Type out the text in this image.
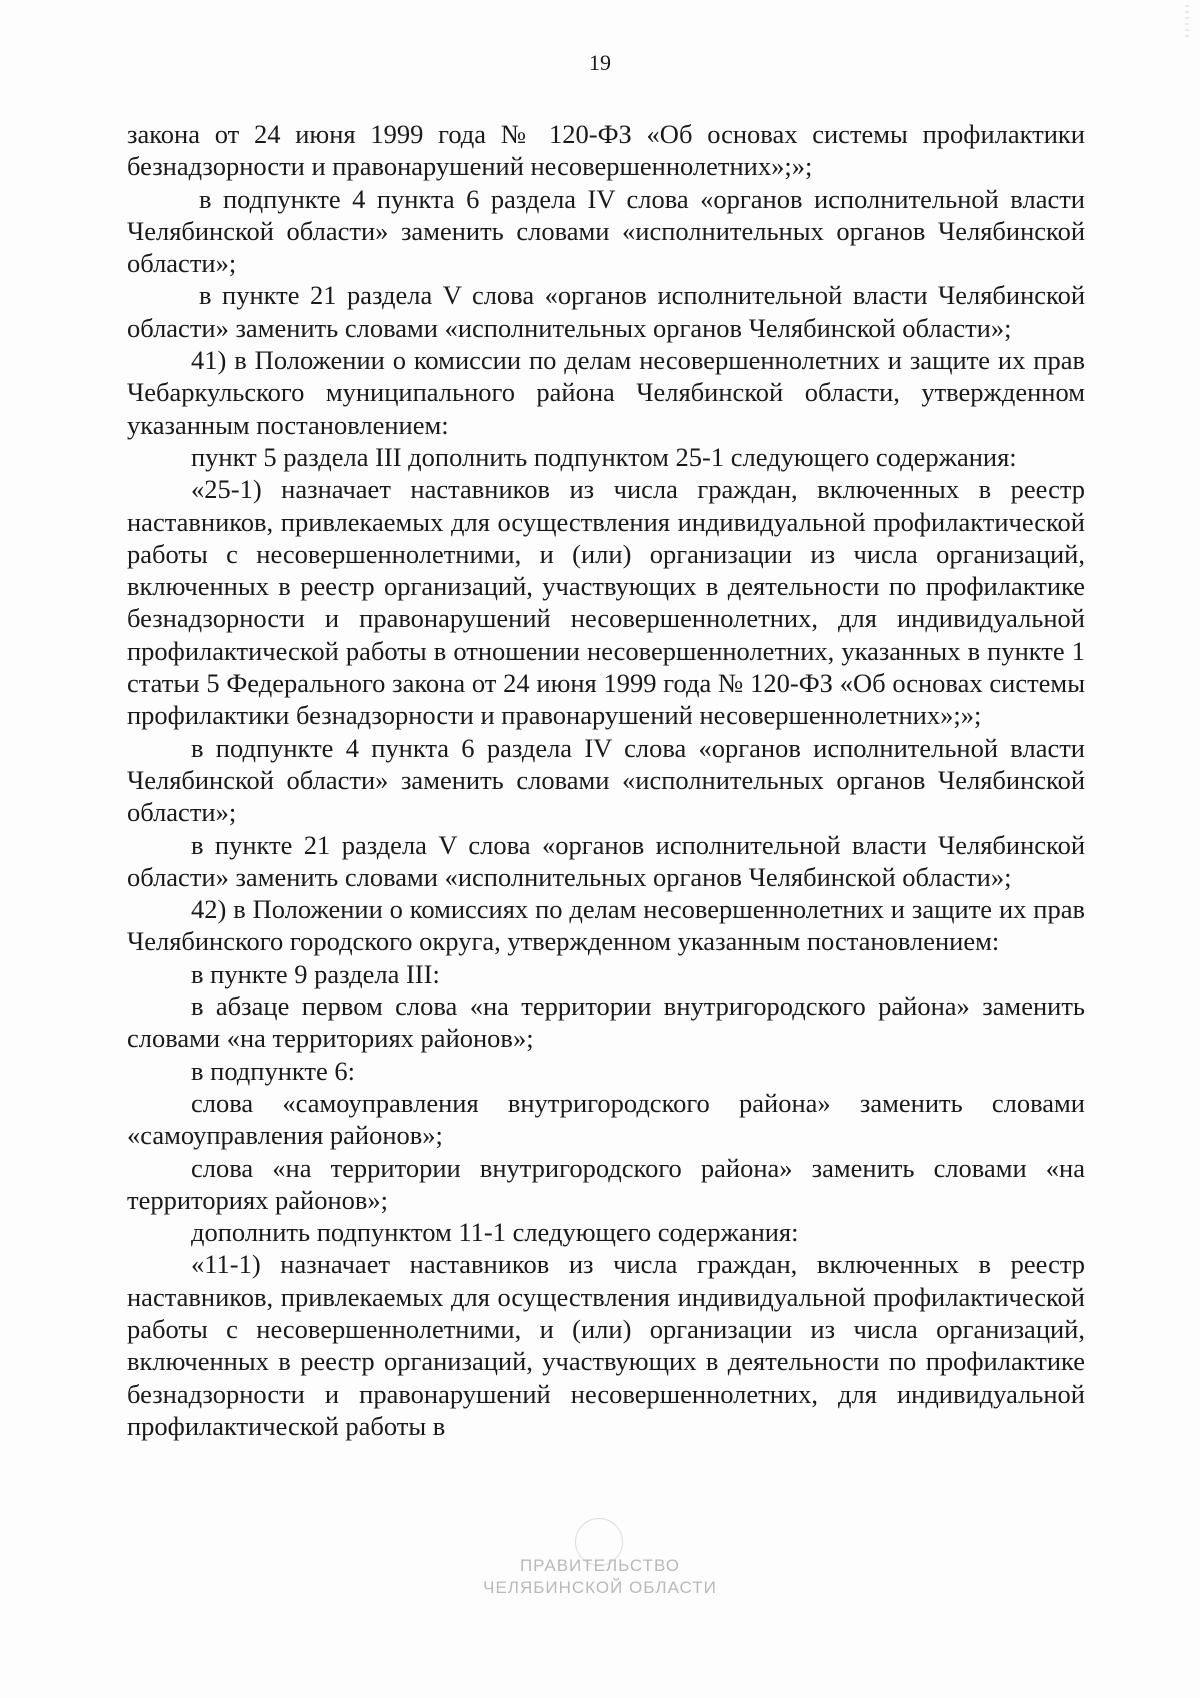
19

закона от 24 июня 1999 года № 120-ФЗ «Об основах системы профилактики безнадзорности и правонарушений несовершеннолетних»;»;

в подпункте 4 пункта 6 раздела IV слова «органов исполнительной власти Челябинской области» заменить словами «исполнительных органов Челябинской области»;

в пункте 21 раздела V слова «органов исполнительной власти Челябинской области» заменить словами «исполнительных органов Челябинской области»;

41) в Положении о комиссии по делам несовершеннолетних и защите их прав Чебаркульского муниципального района Челябинской области, утвержденном указанным постановлением:

пункт 5 раздела III дополнить подпунктом 25-1 следующего содержания:

«25-1) назначает наставников из числа граждан, включенных в реестр наставников, привлекаемых для осуществления индивидуальной профилактической работы с несовершеннолетними, и (или) организации из числа организаций, включенных в реестр организаций, участвующих в деятельности по профилактике безнадзорности и правонарушений несовершеннолетних, для индивидуальной профилактической работы в отношении несовершеннолетних, указанных в пункте 1 статьи 5 Федерального закона от 24 июня 1999 года № 120-ФЗ «Об основах системы профилактики безнадзорности и правонарушений несовершеннолетних»;»;

в подпункте 4 пункта 6 раздела IV слова «органов исполнительной власти Челябинской области» заменить словами «исполнительных органов Челябинской области»;

в пункте 21 раздела V слова «органов исполнительной власти Челябинской области» заменить словами «исполнительных органов Челябинской области»;

42) в Положении о комиссиях по делам несовершеннолетних и защите их прав Челябинского городского округа, утвержденном указанным постановлением:

в пункте 9 раздела III:

в абзаце первом слова «на территории внутригородского района» заменить словами «на территориях районов»;

в подпункте 6:

слова «самоуправления внутригородского района» заменить словами «самоуправления районов»;

слова «на территории внутригородского района» заменить словами «на территориях районов»;

дополнить подпунктом 11-1 следующего содержания:

«11-1) назначает наставников из числа граждан, включенных в реестр наставников, привлекаемых для осуществления индивидуальной профилактической работы с несовершеннолетними, и (или) организации из числа организаций, включенных в реестр организаций, участвующих в деятельности по профилактике безнадзорности и правонарушений несовершеннолетних, для индивидуальной профилактической работы в

ПРАВИТЕЛЬСТВО
ЧЕЛЯБИНСКОЙ ОБЛАСТИ
